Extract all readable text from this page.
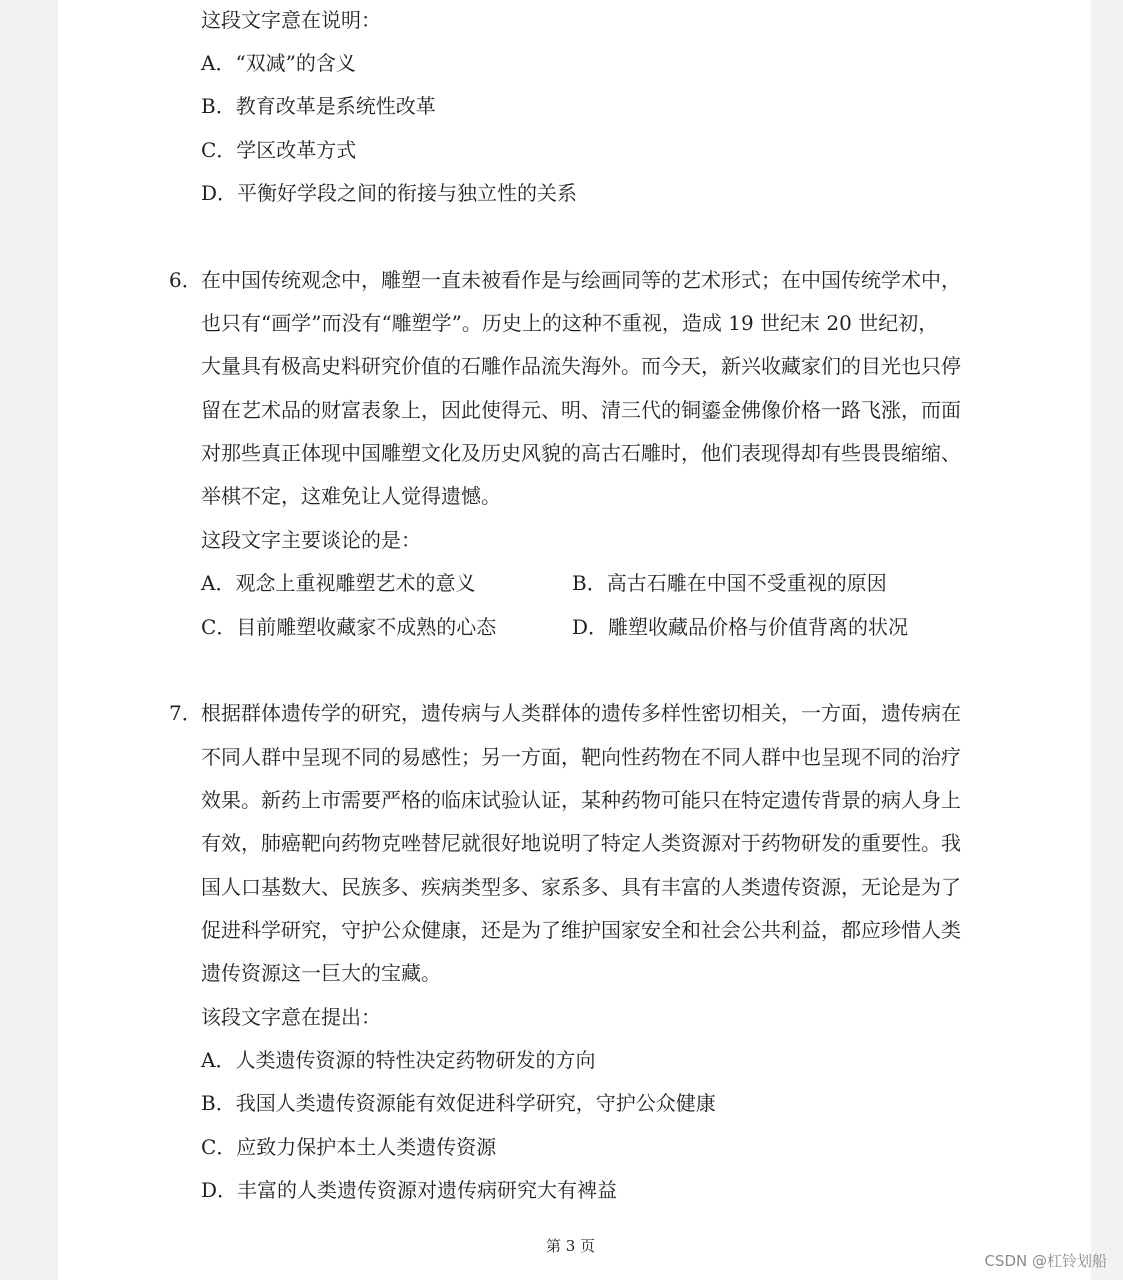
这段文字意在说明：
A．“双减”的含义
B．教育改革是系统性改革
C．学区改革方式
D．平衡好学段之间的衔接与独立性的关系
6． 在中国传统观念中，雕塑一直未被看作是与绘画同等的艺术形式；在中国传统学术中，
也只有“画学”而没有“雕塑学”。历史上的这种不重视，造成 19 世纪末 20 世纪初，
大量具有极高史料研究价值的石雕作品流失海外。而今天，新兴收藏家们的目光也只停
留在艺术品的财富表象上，因此使得元、明、清三代的铜鎏金佛像价格一路飞涨，而面
对那些真正体现中国雕塑文化及历史风貌的高古石雕时，他们表现得却有些畏畏缩缩、
举棋不定，这难免让人觉得遗憾。
这段文字主要谈论的是：
A．观念上重视雕塑艺术的意义	B．高古石雕在中国不受重视的原因
C．目前雕塑收藏家不成熟的心态	D．雕塑收藏品价格与价值背离的状况
7． 根据群体遗传学的研究，遗传病与人类群体的遗传多样性密切相关，一方面，遗传病在
不同人群中呈现不同的易感性；另一方面，靶向性药物在不同人群中也呈现不同的治疗
效果。新药上市需要严格的临床试验认证，某种药物可能只在特定遗传背景的病人身上
有效，肺癌靶向药物克唑替尼就很好地说明了特定人类资源对于药物研发的重要性。我
国人口基数大、民族多、疾病类型多、家系多、具有丰富的人类遗传资源，无论是为了
促进科学研究，守护公众健康，还是为了维护国家安全和社会公共利益，都应珍惜人类
遗传资源这一巨大的宝藏。
该段文字意在提出：
A．人类遗传资源的特性决定药物研发的方向
B．我国人类遗传资源能有效促进科学研究，守护公众健康
C．应致力保护本土人类遗传资源
D．丰富的人类遗传资源对遗传病研究大有裨益
第 3 页
CSDN @杠铃划船
